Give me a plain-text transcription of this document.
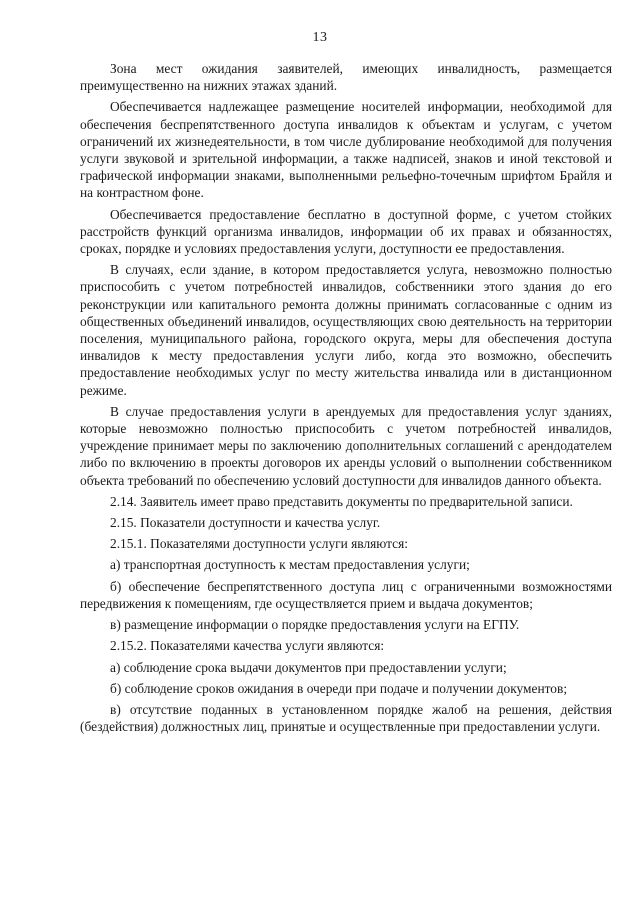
13

Зона мест ожидания заявителей, имеющих инвалидность, размещается преимущественно на нижних этажах зданий.

Обеспечивается надлежащее размещение носителей информации, необходимой для обеспечения беспрепятственного доступа инвалидов к объектам и услугам, с учетом ограничений их жизнедеятельности, в том числе дублирование необходимой для получения услуги звуковой и зрительной информации, а также надписей, знаков и иной текстовой и графической информации знаками, выполненными рельефно-точечным шрифтом Брайля и на контрастном фоне.

Обеспечивается предоставление бесплатно в доступной форме, с учетом стойких расстройств функций организма инвалидов, информации об их правах и обязанностях, сроках, порядке и условиях предоставления услуги, доступности ее предоставления.

В случаях, если здание, в котором предоставляется услуга, невозможно полностью приспособить с учетом потребностей инвалидов, собственники этого здания до его реконструкции или капитального ремонта должны принимать согласованные с одним из общественных объединений инвалидов, осуществляющих свою деятельность на территории поселения, муниципального района, городского округа, меры для обеспечения доступа инвалидов к месту предоставления услуги либо, когда это возможно, обеспечить предоставление необходимых услуг по месту жительства инвалида или в дистанционном режиме.

В случае предоставления услуги в арендуемых для предоставления услуг зданиях, которые невозможно полностью приспособить с учетом потребностей инвалидов, учреждение принимает меры по заключению дополнительных соглашений с арендодателем либо по включению в проекты договоров их аренды условий о выполнении собственником объекта требований по обеспечению условий доступности для инвалидов данного объекта.

2.14. Заявитель имеет право представить документы по предварительной записи.

2.15. Показатели доступности и качества услуг.

2.15.1. Показателями доступности услуги являются:

а) транспортная доступность к местам предоставления услуги;

б) обеспечение беспрепятственного доступа лиц с ограниченными возможностями передвижения к помещениям, где осуществляется прием и выдача документов;

в) размещение информации о порядке предоставления услуги на ЕГПУ.

2.15.2. Показателями качества услуги являются:

а) соблюдение срока выдачи документов при предоставлении услуги;

б) соблюдение сроков ожидания в очереди при подаче и получении документов;

в) отсутствие поданных в установленном порядке жалоб на решения, действия (бездействия) должностных лиц, принятые и осуществленные при предоставлении услуги.
